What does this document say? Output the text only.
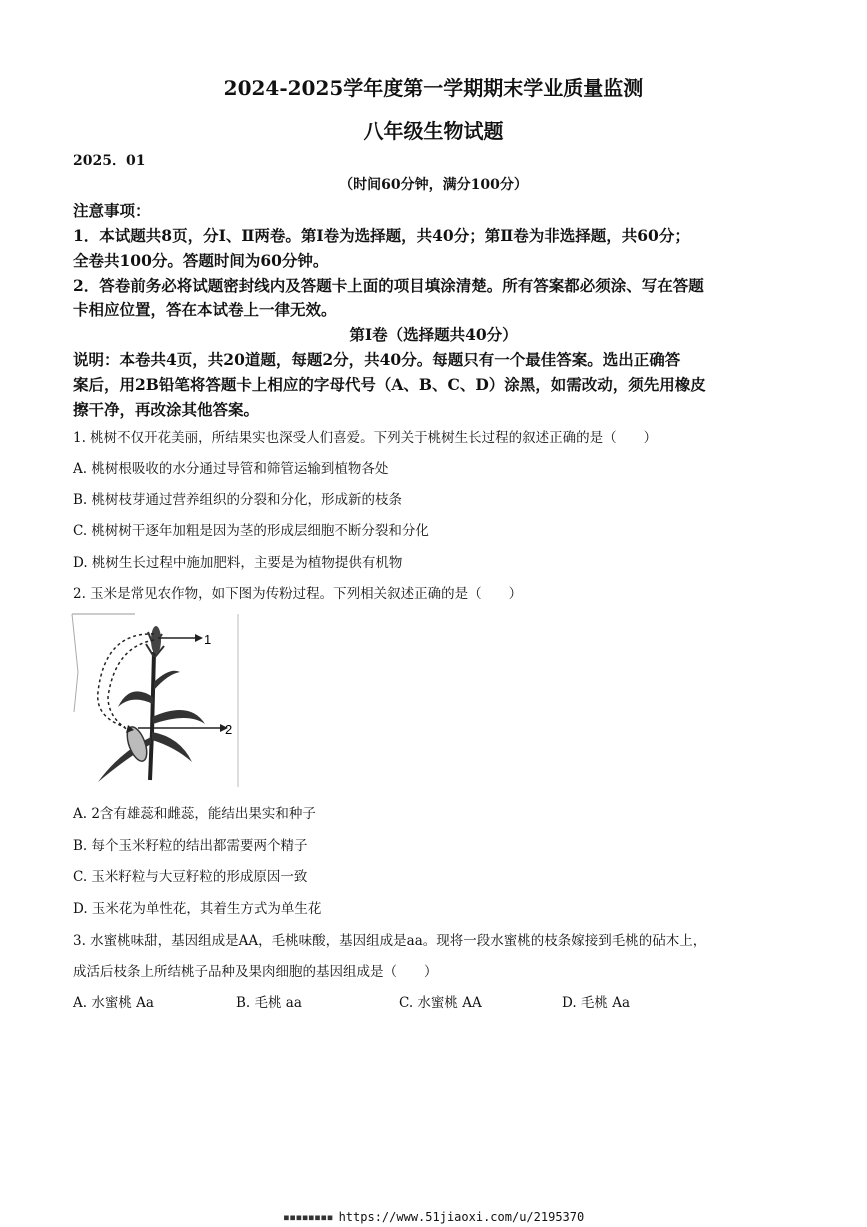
2024-2025学年度第一学期期末学业质量监测
八年级生物试题
2025．01
（时间60分钟，满分100分）
注意事项：
1．本试题共8页，分Ⅰ、Ⅱ两卷。第Ⅰ卷为选择题，共40分；第Ⅱ卷为非选择题，共60分；
全卷共100分。答题时间为60分钟。
2．答卷前务必将试题密封线内及答题卡上面的项目填涂清楚。所有答案都必须涂、写在答题
卡相应位置，答在本试卷上一律无效。
第Ⅰ卷（选择题共40分）
说明：本卷共4页，共20道题，每题2分，共40分。每题只有一个最佳答案。选出正确答
案后，用2B铅笔将答题卡上相应的字母代号（A、B、C、D）涂黑，如需改动，须先用橡皮
擦干净，再改涂其他答案。
1. 桃树不仅开花美丽，所结果实也深受人们喜爱。下列关于桃树生长过程的叙述正确的是（　　）
A. 桃树根吸收的水分通过导管和筛管运输到植物各处
B. 桃树枝芽通过营养组织的分裂和分化，形成新的枝条
C. 桃树树干逐年加粗是因为茎的形成层细胞不断分裂和分化
D. 桃树生长过程中施加肥料，主要是为植物提供有机物
2. 玉米是常见农作物，如下图为传粉过程。下列相关叙述正确的是（　　）
1
2
A. 2含有雄蕊和雌蕊，能结出果实和种子
B. 每个玉米籽粒的结出都需要两个精子
C. 玉米籽粒与大豆籽粒的形成原因一致
D. 玉米花为单性花，其着生方式为单生花
3. 水蜜桃味甜，基因组成是AA，毛桃味酸，基因组成是aa。现将一段水蜜桃的枝条嫁接到毛桃的砧木上，
成活后枝条上所结桃子品种及果肉细胞的基因组成是（　　）
A. 水蜜桃 Aa	B. 毛桃 aa	C. 水蜜桃 AA	D. 毛桃 Aa
▪▪▪▪▪▪▪▪ https://www.51jiaoxi.com/u/2195370
